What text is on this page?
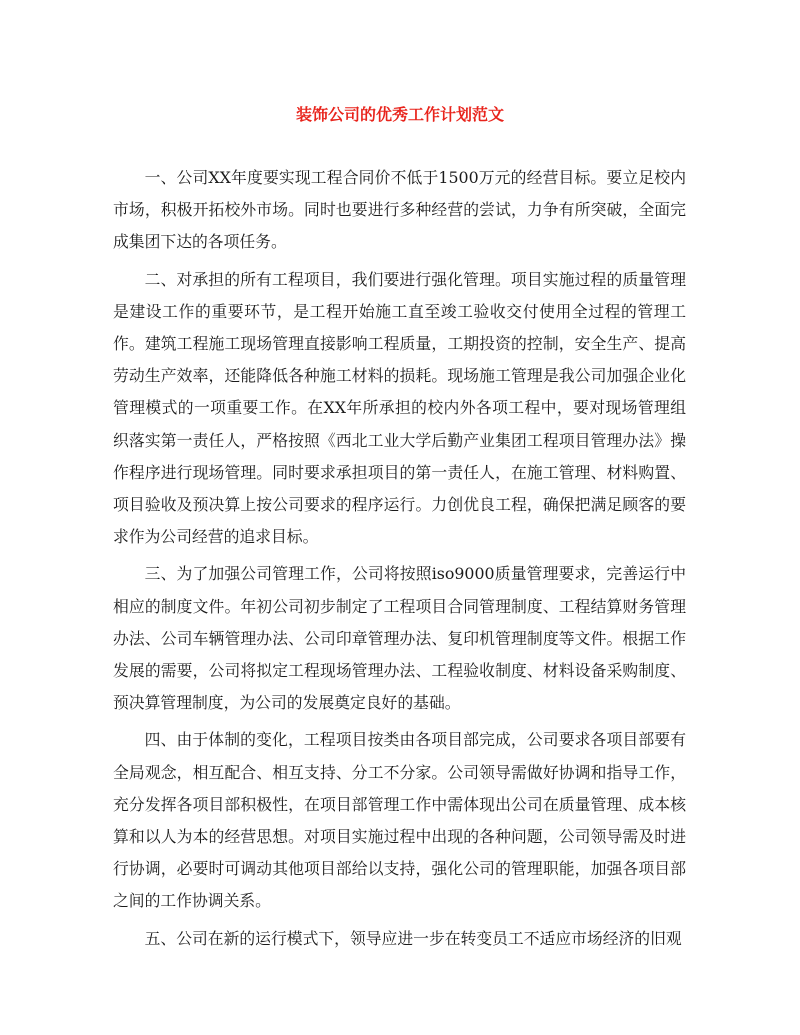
装饰公司的优秀工作计划范文

一、公司XX年度要实现工程合同价不低于1500万元的经营目标。要立足校内市场，积极开拓校外市场。同时也要进行多种经营的尝试，力争有所突破，全面完成集团下达的各项任务。

二、对承担的所有工程项目，我们要进行强化管理。项目实施过程的质量管理是建设工作的重要环节，是工程开始施工直至竣工验收交付使用全过程的管理工作。建筑工程施工现场管理直接影响工程质量，工期投资的控制，安全生产、提高劳动生产效率，还能降低各种施工材料的损耗。现场施工管理是我公司加强企业化管理模式的一项重要工作。在XX年所承担的校内外各项工程中，要对现场管理组织落实第一责任人，严格按照《西北工业大学后勤产业集团工程项目管理办法》操作程序进行现场管理。同时要求承担项目的第一责任人，在施工管理、材料购置、项目验收及预决算上按公司要求的程序运行。力创优良工程，确保把满足顾客的要求作为公司经营的追求目标。

三、为了加强公司管理工作，公司将按照iso9000质量管理要求，完善运行中相应的制度文件。年初公司初步制定了工程项目合同管理制度、工程结算财务管理办法、公司车辆管理办法、公司印章管理办法、复印机管理制度等文件。根据工作发展的需要，公司将拟定工程现场管理办法、工程验收制度、材料设备采购制度、预决算管理制度，为公司的发展奠定良好的基础。

四、由于体制的变化，工程项目按类由各项目部完成，公司要求各项目部要有全局观念，相互配合、相互支持、分工不分家。公司领导需做好协调和指导工作，充分发挥各项目部积极性，在项目部管理工作中需体现出公司在质量管理、成本核算和以人为本的经营思想。对项目实施过程中出现的各种问题，公司领导需及时进行协调，必要时可调动其他项目部给以支持，强化公司的管理职能，加强各项目部之间的工作协调关系。

五、公司在新的运行模式下，领导应进一步在转变员工不适应市场经济的旧观
